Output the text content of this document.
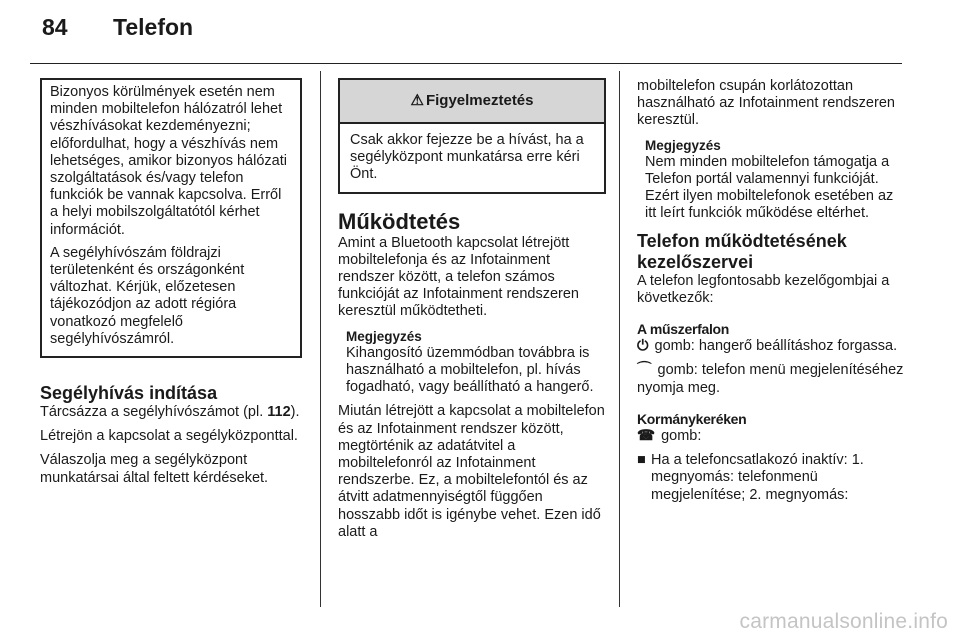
84 Telefon

Bizonyos körülmények esetén nem minden mobiltelefon hálózatról lehet vészhívásokat kezdeményezni; előfordulhat, hogy a vészhívás nem lehetséges, amikor bizonyos hálózati szolgáltatások és/vagy telefon funkciók be vannak kapcsolva. Erről a helyi mobilszolgáltatótól kérhet információt.

A segélyhívószám földrajzi területenként és országonként változhat. Kérjük, előzetesen tájékozódjon az adott régióra vonatkozó megfelelő segélyhívószámról.

Segélyhívás indítása

Tárcsázza a segélyhívószámot (pl. 112).

Létrejön a kapcsolat a segélyközponttal.

Válaszolja meg a segélyközpont munkatársai által feltett kérdéseket.

⚠ Figyelmeztetés
Csak akkor fejezze be a hívást, ha a segélyközpont munkatársa erre kéri Önt.
Működtetés

Amint a Bluetooth kapcsolat létrejött mobiltelefonja és az Infotainment rendszer között, a telefon számos funkcióját az Infotainment rendszeren keresztül működtetheti.

Megjegyzés
Kihangosító üzemmódban továbbra is használható a mobiltelefon, pl. hívás fogadható, vagy beállítható a hangerő.

Miután létrejött a kapcsolat a mobiltelefon és az Infotainment rendszer között, megtörténik az adatátvitel a mobiltelefonról az Infotainment rendszerbe. Ez, a mobiltelefontól és az átvitt adatmennyiségtől függően hosszabb időt is igénybe vehet. Ezen idő alatt a

mobiltelefon csupán korlátozottan használható az Infotainment rendszeren keresztül.

Megjegyzés
Nem minden mobiltelefon támogatja a Telefon portál valamennyi funkcióját. Ezért ilyen mobiltelefonok esetében az itt leírt funkciók működése eltérhet.
Telefon működtetésének kezelőszervei

A telefon legfontosabb kezelőgombjai a következők:

A műszerfalon

⏻ gomb: hangerő beállításhoz forgassa.

⌒ gomb: telefon menü megjelenítéséhez nyomja meg.

Kormánykeréken

☎ gomb:

■ Ha a telefoncsatlakozó inaktív: 1. megnyomás: telefonmenü megjelenítése; 2. megnyomás:
carmanualsonline.info
